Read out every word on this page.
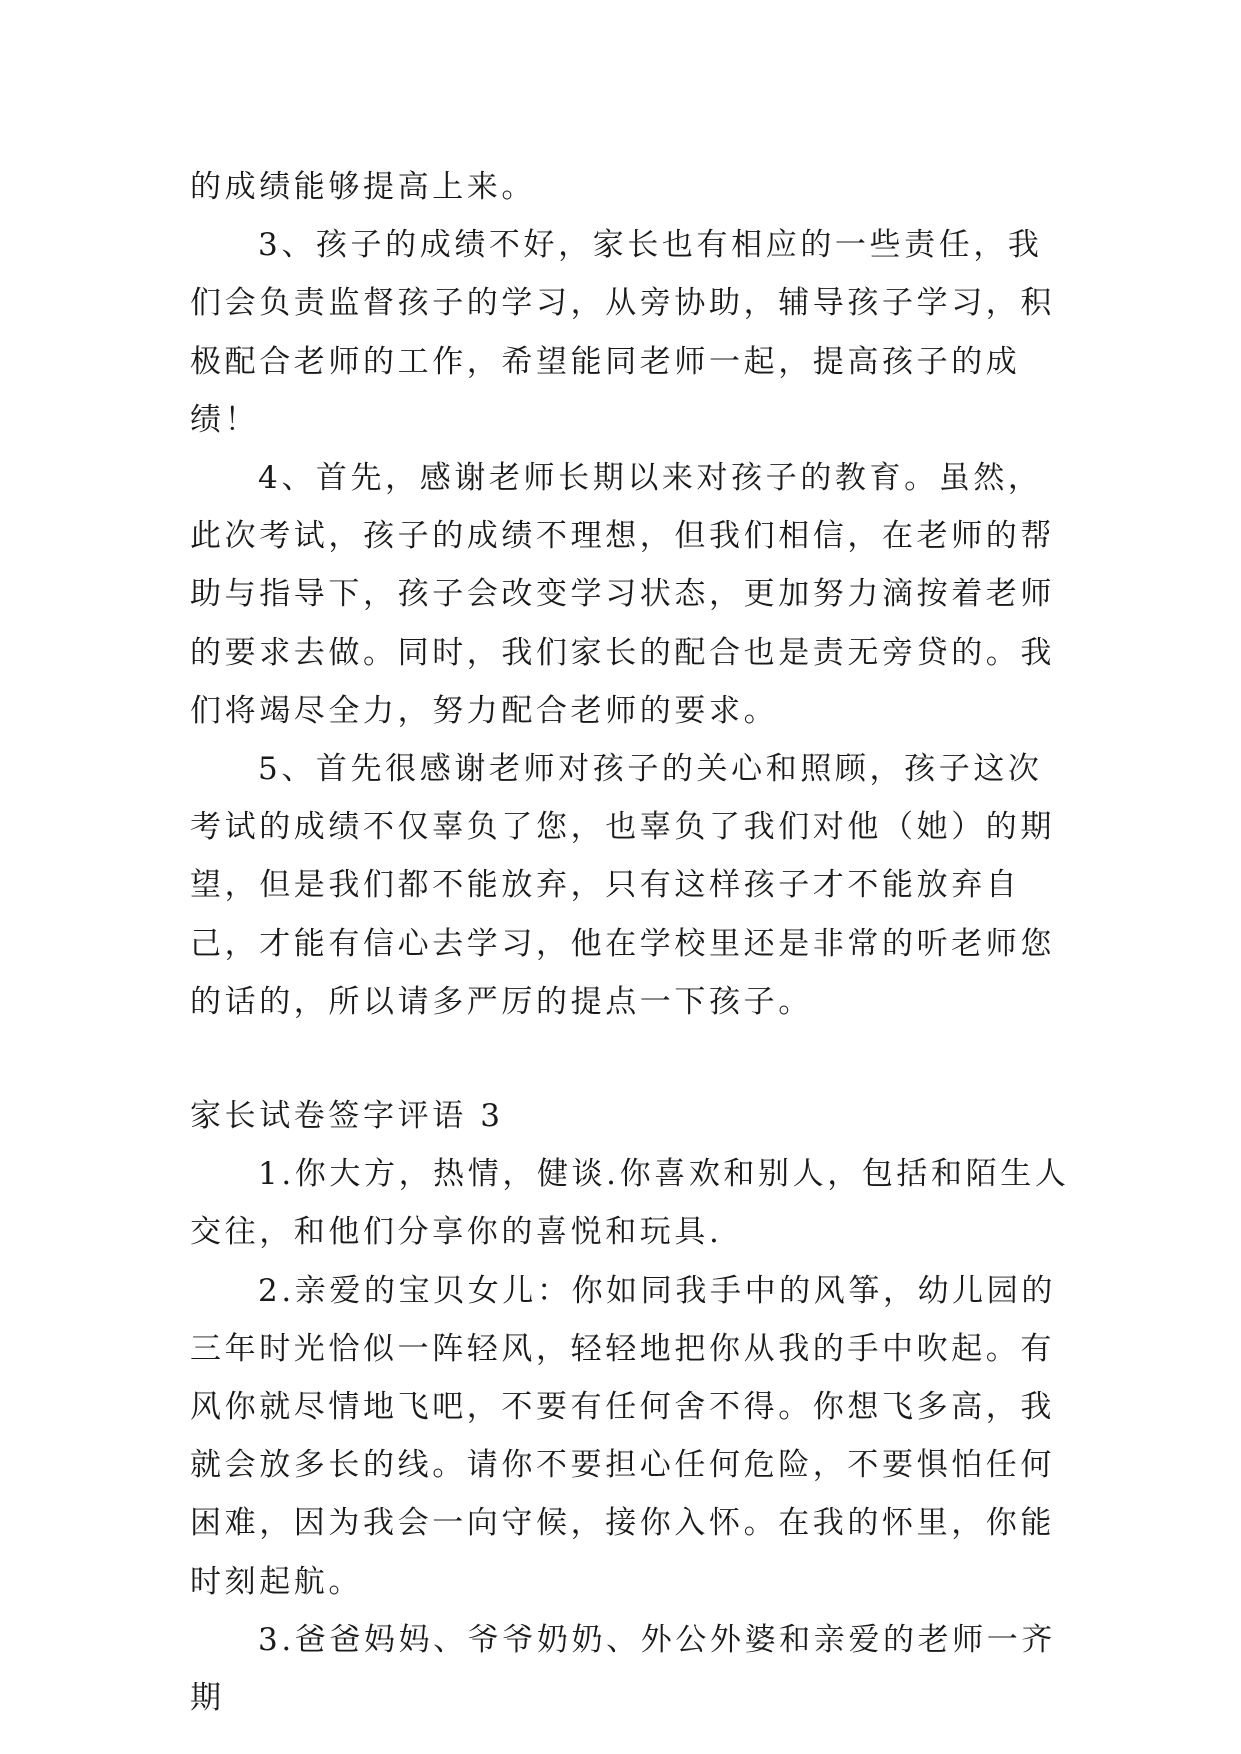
的成绩能够提高上来。

3、孩子的成绩不好，家长也有相应的一些责任，我们会负责监督孩子的学习，从旁协助，辅导孩子学习，积极配合老师的工作，希望能同老师一起，提高孩子的成绩！

4、首先，感谢老师长期以来对孩子的教育。虽然，此次考试，孩子的成绩不理想，但我们相信，在老师的帮助与指导下，孩子会改变学习状态，更加努力滴按着老师的要求去做。同时，我们家长的配合也是责无旁贷的。我们将竭尽全力，努力配合老师的要求。

5、首先很感谢老师对孩子的关心和照顾，孩子这次考试的成绩不仅辜负了您，也辜负了我们对他（她）的期望，但是我们都不能放弃，只有这样孩子才不能放弃自己，才能有信心去学习，他在学校里还是非常的听老师您的话的，所以请多严厉的提点一下孩子。

家长试卷签字评语 3

1.你大方，热情，健谈.你喜欢和别人，包括和陌生人交往，和他们分享你的喜悦和玩具.

2.亲爱的宝贝女儿：你如同我手中的风筝，幼儿园的三年时光恰似一阵轻风，轻轻地把你从我的手中吹起。有风你就尽情地飞吧，不要有任何舍不得。你想飞多高，我就会放多长的线。请你不要担心任何危险，不要惧怕任何困难，因为我会一向守候，接你入怀。在我的怀里，你能时刻起航。

3.爸爸妈妈、爷爷奶奶、外公外婆和亲爱的老师一齐期
